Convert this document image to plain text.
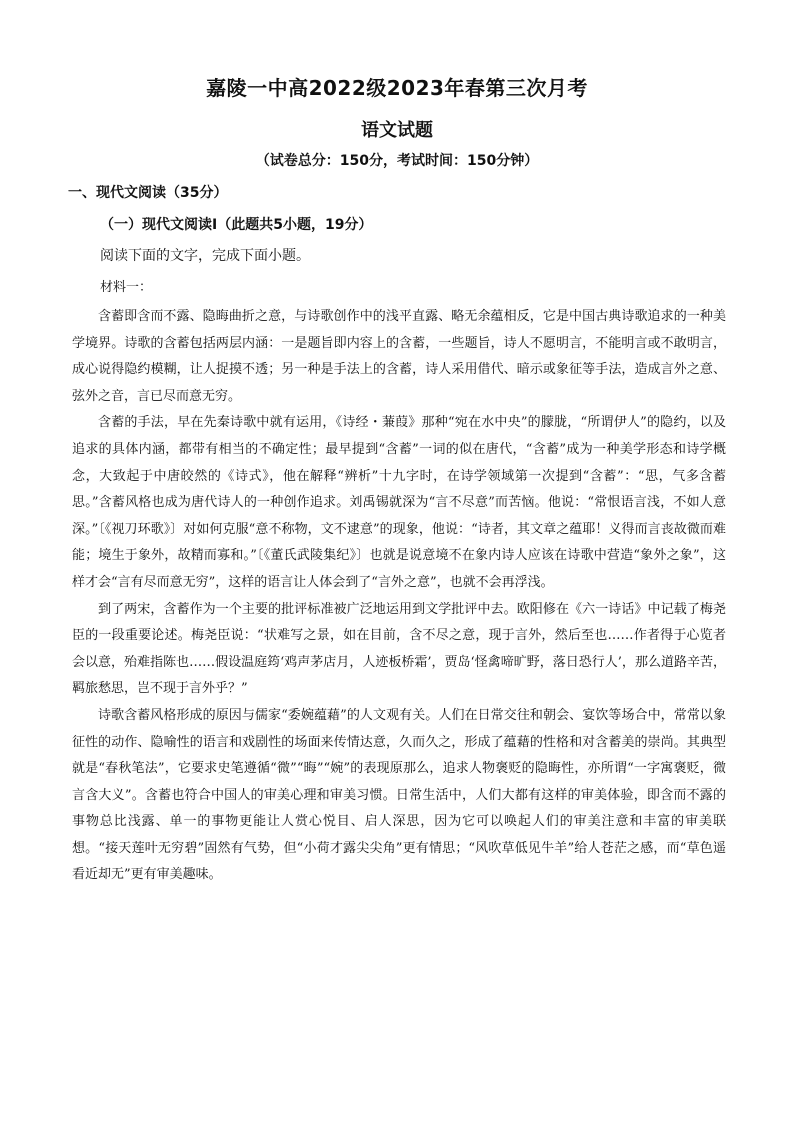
嘉陵一中高2022级2023年春第三次月考
语文试题
（试卷总分：150分，考试时间：150分钟）
一、现代文阅读（35分）
（一）现代文阅读Ⅰ（此题共5小题，19分）
阅读下面的文字，完成下面小题。
材料一：

含蓄即含而不露、隐晦曲折之意，与诗歌创作中的浅平直露、略无余蕴相反，它是中国古典诗歌追求的一种美学境界。诗歌的含蓄包括两层内涵：一是题旨即内容上的含蓄，一些题旨，诗人不愿明言，不能明言或不敢明言，成心说得隐约模糊，让人捉摸不透；另一种是手法上的含蓄，诗人采用借代、暗示或象征等手法，造成言外之意、弦外之音，言已尽而意无穷。

含蓄的手法，早在先秦诗歌中就有运用，《诗经・蒹葭》那种“宛在水中央”的朦胧，“所谓伊人”的隐约，以及追求的具体内涵，都带有相当的不确定性；最早提到“含蓄”一词的似在唐代，“含蓄”成为一种美学形态和诗学概念，大致起于中唐皎然的《诗式》，他在解释“辨析”十九字时，在诗学领域第一次提到“含蓄”：“思，气多含蓄思。”含蓄风格也成为唐代诗人的一种创作追求。刘禹锡就深为“言不尽意”而苦恼。他说：“常恨语言浅，不如人意深。”〔《视刀环歌》〕对如何克服“意不称物，文不逮意”的现象，他说：“诗者，其文章之蕴耶！义得而言丧故微而难能；境生于象外，故精而寡和。”〔《董氏武陵集纪》〕也就是说意境不在象内诗人应该在诗歌中营造“象外之象”，这样才会“言有尽而意无穷”，这样的语言让人体会到了“言外之意”，也就不会再浮浅。

到了两宋，含蓄作为一个主要的批评标准被广泛地运用到文学批评中去。欧阳修在《六一诗话》中记载了梅尧臣的一段重要论述。梅尧臣说：“状难写之景，如在目前，含不尽之意，现于言外，然后至也……作者得于心览者会以意，殆难指陈也……假设温庭筠‘鸡声茅店月，人迹板桥霜’，贾岛‘怪禽啼旷野，落日恐行人’，那么道路辛苦，羁旅愁思，岂不现于言外乎？”

诗歌含蓄风格形成的原因与儒家“委婉蕴藉”的人文观有关。人们在日常交往和朝会、宴饮等场合中，常常以象征性的动作、隐喻性的语言和戏剧性的场面来传情达意，久而久之，形成了蕴藉的性格和对含蓄美的崇尚。其典型就是“春秋笔法”，它要求史笔遵循“微”“晦”“婉”的表现原那么，追求人物褒贬的隐晦性，亦所谓“一字寓褒贬，微言含大义”。含蓄也符合中国人的审美心理和审美习惯。日常生活中，人们大都有这样的审美体验，即含而不露的事物总比浅露、单一的事物更能让人赏心悦目、启人深思，因为它可以唤起人们的审美注意和丰富的审美联想。“接天莲叶无穷碧”固然有气势，但“小荷才露尖尖角”更有情思；“风吹草低见牛羊”给人苍茫之感，而“草色遥看近却无”更有审美趣味。
